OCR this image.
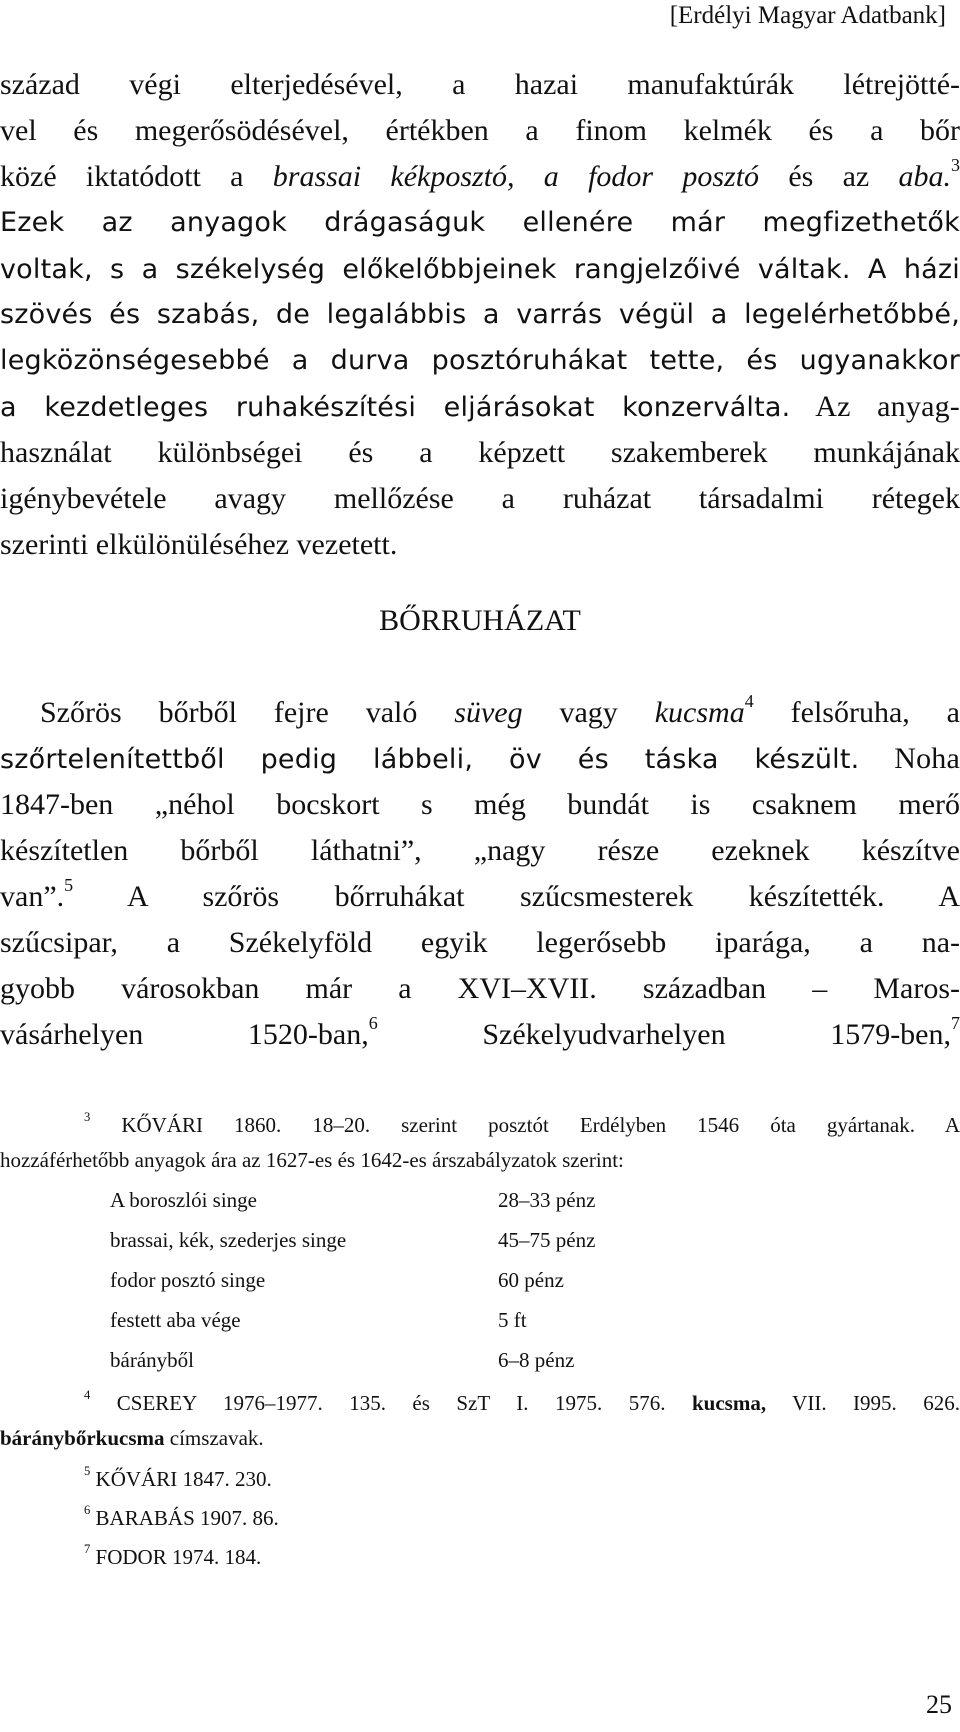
[Erdélyi Magyar Adatbank]
század végi elterjedésével, a hazai manufaktúrák létrejötté-
vel és megerősödésével, értékben a finom kelmék és a bőr
közé iktatódott a brassai kékposztó, a fodor posztó és az aba.$^3$
Ezek az anyagok drágaságuk ellenére már megfizethetők
voltak, s a székelység előkelőbbjeinek rangjelzőivé váltak. A házi
szövés és szabás, de legalábbis a varrás végül a legelérhetőbbé,
legközönségesebbé a durva posztóruhákat tette, és ugyanakkor
a kezdetleges ruhakészítési eljárásokat konzerválta. Az anyag-
használat különbségei és a képzett szakemberek munkájának
igénybevétele avagy mellőzése a ruházat társadalmi rétegek
szerinti elkülönüléséhez vezetett.
BŐRRUHÁZAT
Szőrös bőrből fejre való süveg vagy kucsma$^4$ felsőruha, a
szőrtelenítettből pedig lábbeli, öv és táska készült. Noha
1847-ben „néhol bocskort s még bundát is csaknem merő
készítetlen bőrből láthatni”, „nagy része ezeknek készítve
van”.$^5$ A szőrös bőrruhákat szűcsmesterek készítették. A
szűcsipar, a Székelyföld egyik legerősebb iparága, a na-
gyobb városokban már a XVI–XVII. században – Maros-
vásárhelyen 1520-ban,$^6$ Székelyudvarhelyen 1579-ben,$^7$
$^3$ KŐVÁRI 1860. 18–20. szerint posztót Erdélyben 1546 óta gyártanak. A
hozzáférhetőbb anyagok ára az 1627-es és 1642-es árszabályzatok szerint:
A boroszlói singe	28–33 pénz
brassai, kék, szederjes singe	45–75 pénz
fodor posztó singe	60 pénz
festett aba vége	5 ft
bárányből	6–8 pénz
$^4$ CSEREY 1976–1977. 135. és SzT I. 1975. 576. kucsma, VII. I995. 626.
báránybőrkucsma címszavak.
$^5$ KŐVÁRI 1847. 230.
$^6$ BARABÁS 1907. 86.
$^7$ FODOR 1974. 184.
25
